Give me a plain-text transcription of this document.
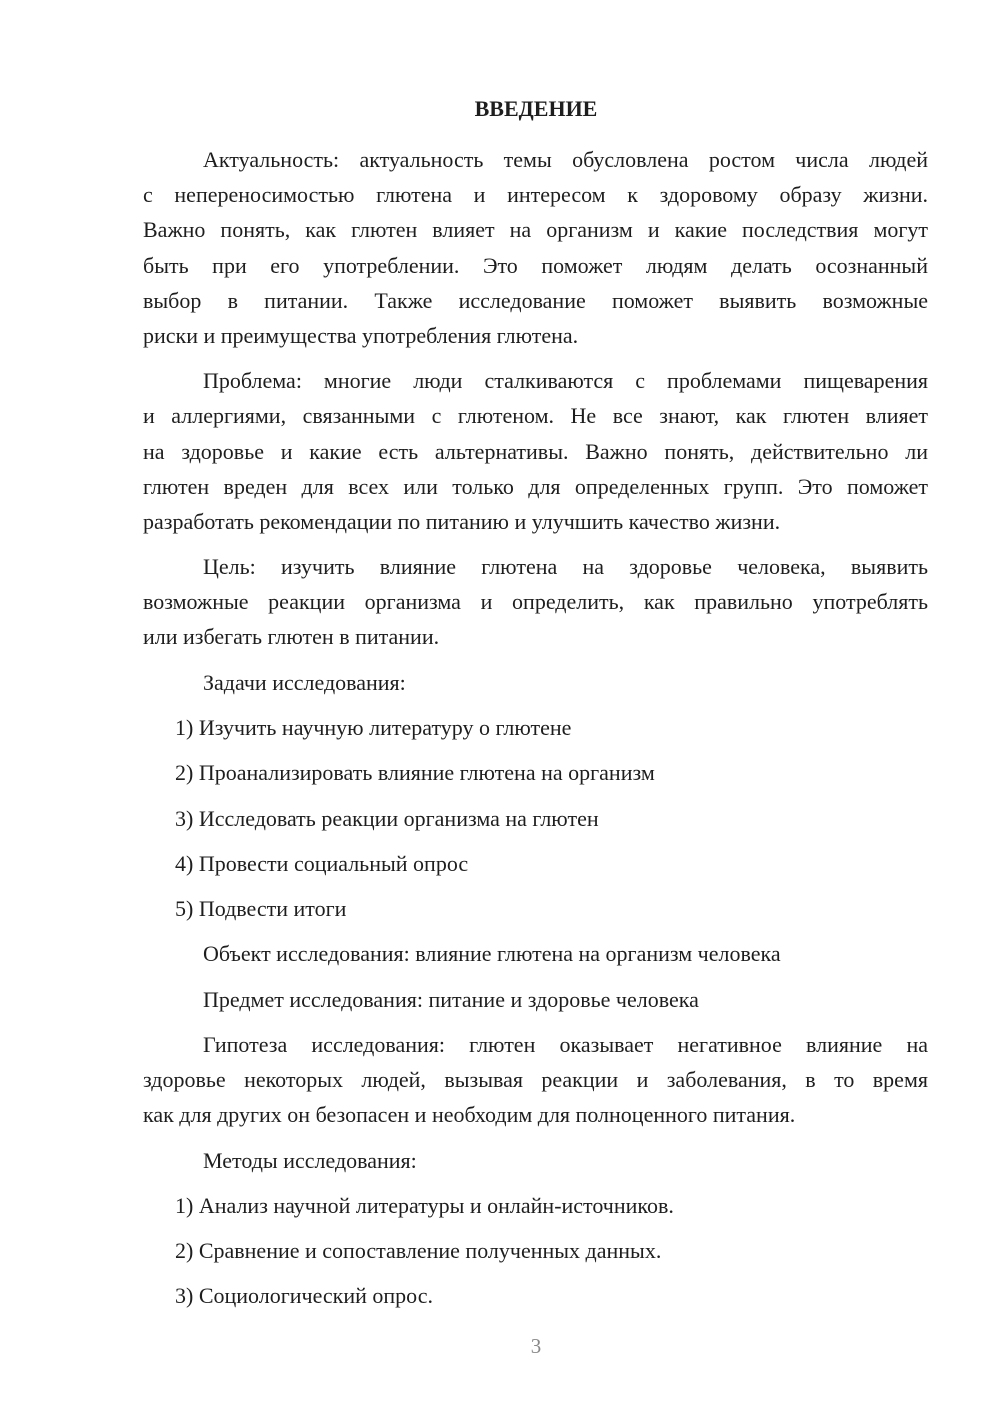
ВВЕДЕНИЕ
Актуальность: актуальность темы обусловлена ростом числа людей
с непереносимостью глютена и интересом к здоровому образу жизни.
Важно понять, как глютен влияет на организм и какие последствия могут
быть при его употреблении. Это поможет людям делать осознанный
выбор в питании. Также исследование поможет выявить возможные
риски и преимущества употребления глютена.
Проблема: многие люди сталкиваются с проблемами пищеварения
и аллергиями, связанными с глютеном. Не все знают, как глютен влияет
на здоровье и какие есть альтернативы. Важно понять, действительно ли
глютен вреден для всех или только для определенных групп. Это поможет
разработать рекомендации по питанию и улучшить качество жизни.
Цель: изучить влияние глютена на здоровье человека, выявить
возможные реакции организма и определить, как правильно употреблять
или избегать глютен в питании.
Задачи исследования:
1) Изучить научную литературу о глютене
2) Проанализировать влияние глютена на организм
3) Исследовать реакции организма на глютен
4) Провести социальный опрос
5) Подвести итоги
Объект исследования: влияние глютена на организм человека
Предмет исследования: питание и здоровье человека
Гипотеза исследования: глютен оказывает негативное влияние на
здоровье некоторых людей, вызывая реакции и заболевания, в то время
как для других он безопасен и необходим для полноценного питания.
Методы исследования:
1) Анализ научной литературы и онлайн-источников.
2) Сравнение и сопоставление полученных данных.
3) Социологический опрос.
3
